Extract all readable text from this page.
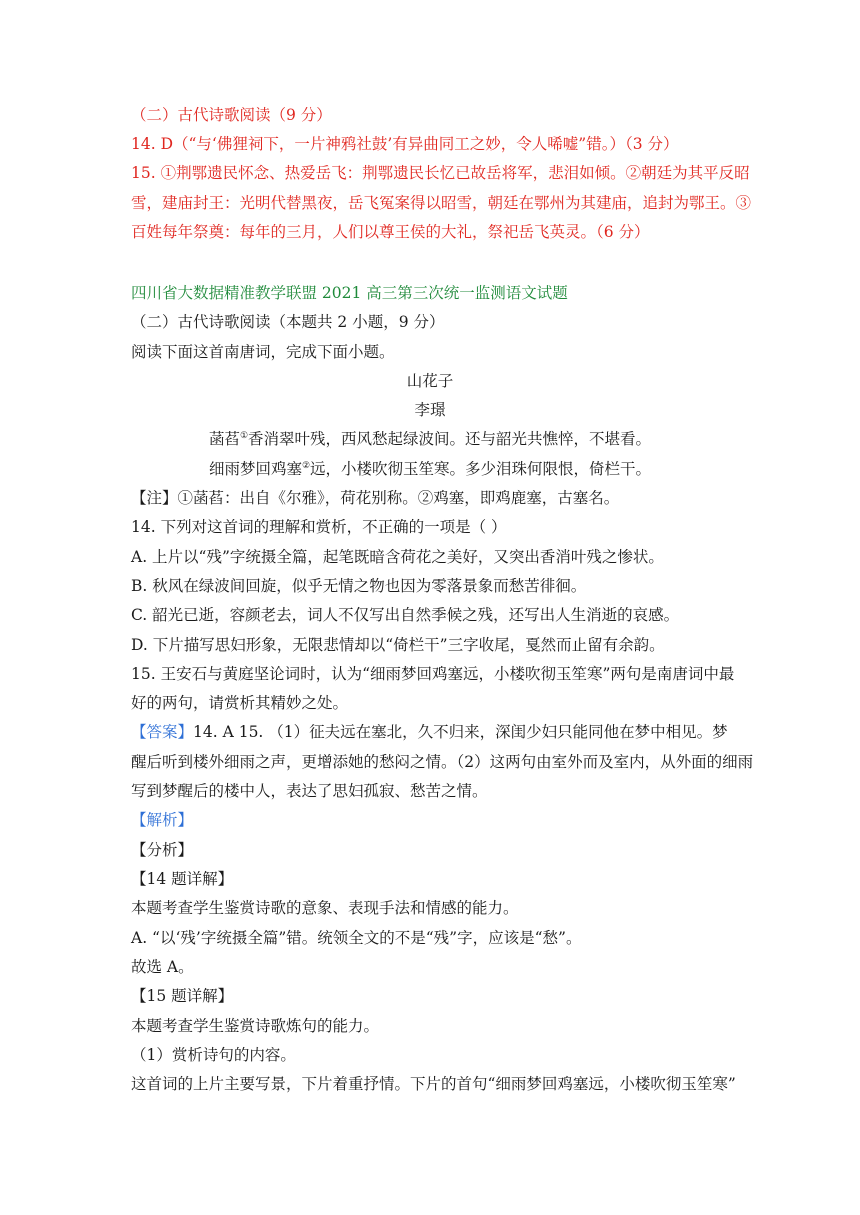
（二）古代诗歌阅读（9 分）
14. D（“与‘佛狸祠下，一片神鸦社鼓’有异曲同工之妙，令人唏嘘”错。）（3 分）
15. ①荆鄂遗民怀念、热爱岳飞：荆鄂遗民长忆已故岳将军，悲泪如倾。②朝廷为其平反昭
雪，建庙封王：光明代替黑夜，岳飞冤案得以昭雪，朝廷在鄂州为其建庙，追封为鄂王。③
百姓每年祭奠：每年的三月，人们以尊王侯的大礼，祭祀岳飞英灵。（6 分）
四川省大数据精准教学联盟 2021 高三第三次统一监测语文试题
（二）古代诗歌阅读（本题共 2 小题，9 分）
阅读下面这首南唐词，完成下面小题。
山花子
李璟
菡萏①香消翠叶残，西风愁起绿波间。还与韶光共憔悴，不堪看。
细雨梦回鸡塞②远，小楼吹彻玉笙寒。多少泪珠何限恨，倚栏干。
【注】①菡萏：出自《尔雅》，荷花别称。②鸡塞，即鸡鹿塞，古塞名。
14. 下列对这首词的理解和赏析，不正确的一项是（ ）
A. 上片以“残”字统摄全篇，起笔既暗含荷花之美好，又突出香消叶残之惨状。
B. 秋风在绿波间回旋，似乎无情之物也因为零落景象而愁苦徘徊。
C. 韶光已逝，容颜老去，词人不仅写出自然季候之残，还写出人生消逝的哀感。
D. 下片描写思妇形象，无限悲情却以“倚栏干”三字收尾，戛然而止留有余韵。
15. 王安石与黄庭坚论词时，认为“细雨梦回鸡塞远，小楼吹彻玉笙寒”两句是南唐词中最
好的两句，请赏析其精妙之处。
【答案】14. A 15. （1）征夫远在塞北，久不归来，深闺少妇只能同他在梦中相见。梦
醒后听到楼外细雨之声，更增添她的愁闷之情。（2）这两句由室外而及室内，从外面的细雨
写到梦醒后的楼中人，表达了思妇孤寂、愁苦之情。
【解析】
【分析】
【14 题详解】
本题考查学生鉴赏诗歌的意象、表现手法和情感的能力。
A. “以‘残’字统摄全篇”错。统领全文的不是“残”字，应该是“愁”。
故选 A。
【15 题详解】
本题考查学生鉴赏诗歌炼句的能力。
（1）赏析诗句的内容。
这首词的上片主要写景，下片着重抒情。下片的首句“细雨梦回鸡塞远，小楼吹彻玉笙寒”
